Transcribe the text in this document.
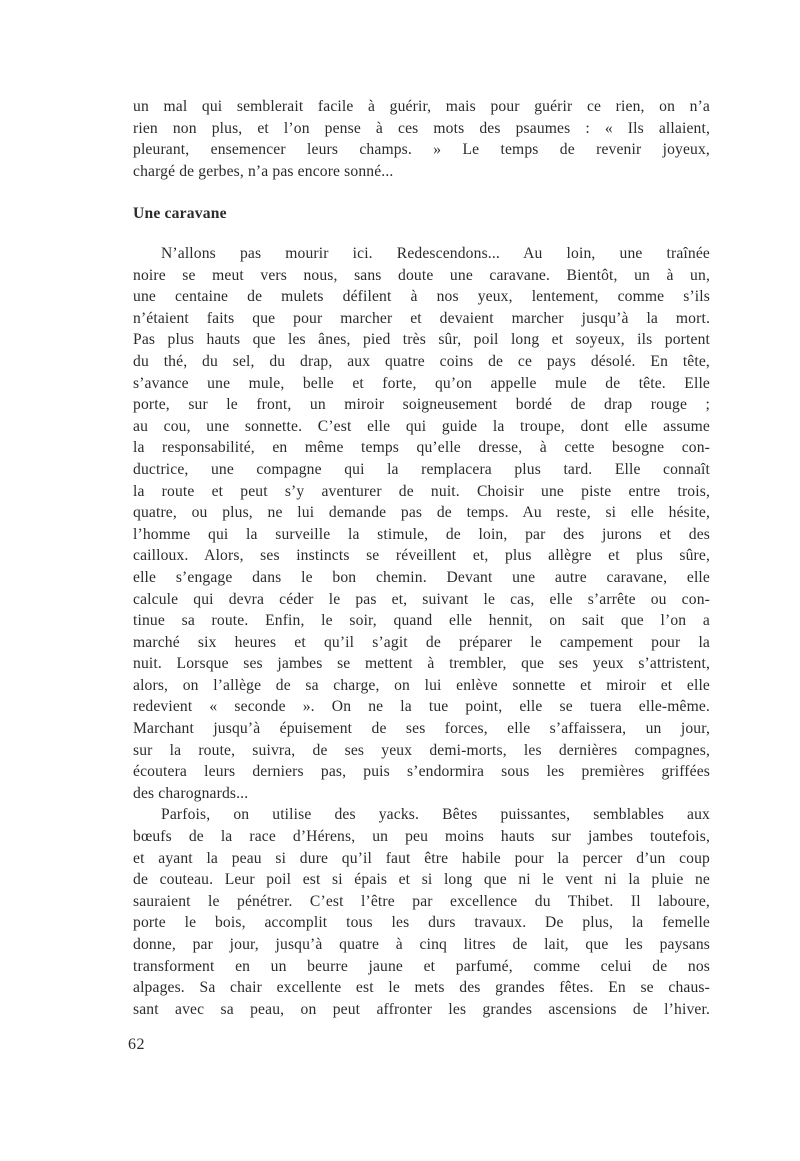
un mal qui semblerait facile à guérir, mais pour guérir ce rien, on n’a
rien non plus, et l’on pense à ces mots des psaumes : « Ils allaient,
pleurant, ensemencer leurs champs. » Le temps de revenir joyeux,
chargé de gerbes, n’a pas encore sonné...
Une caravane
N’allons pas mourir ici. Redescendons... Au loin, une traînée
noire se meut vers nous, sans doute une caravane. Bientôt, un à un,
une centaine de mulets défilent à nos yeux, lentement, comme s’ils
n’étaient faits que pour marcher et devaient marcher jusqu’à la mort.
Pas plus hauts que les ânes, pied très sûr, poil long et soyeux, ils portent
du thé, du sel, du drap, aux quatre coins de ce pays désolé. En tête,
s’avance une mule, belle et forte, qu’on appelle mule de tête. Elle
porte, sur le front, un miroir soigneusement bordé de drap rouge ;
au cou, une sonnette. C’est elle qui guide la troupe, dont elle assume
la responsabilité, en même temps qu’elle dresse, à cette besogne con-
ductrice, une compagne qui la remplacera plus tard. Elle connaît
la route et peut s’y aventurer de nuit. Choisir une piste entre trois,
quatre, ou plus, ne lui demande pas de temps. Au reste, si elle hésite,
l’homme qui la surveille la stimule, de loin, par des jurons et des
cailloux. Alors, ses instincts se réveillent et, plus allègre et plus sûre,
elle s’engage dans le bon chemin. Devant une autre caravane, elle
calcule qui devra céder le pas et, suivant le cas, elle s’arrête ou con-
tinue sa route. Enfin, le soir, quand elle hennit, on sait que l’on a
marché six heures et qu’il s’agit de préparer le campement pour la
nuit. Lorsque ses jambes se mettent à trembler, que ses yeux s’attristent,
alors, on l’allège de sa charge, on lui enlève sonnette et miroir et elle
redevient « seconde ». On ne la tue point, elle se tuera elle-même.
Marchant jusqu’à épuisement de ses forces, elle s’affaissera, un jour,
sur la route, suivra, de ses yeux demi-morts, les dernières compagnes,
écoutera leurs derniers pas, puis s’endormira sous les premières griffées
des charognards...
Parfois, on utilise des yacks. Bêtes puissantes, semblables aux
bœufs de la race d’Hérens, un peu moins hauts sur jambes toutefois,
et ayant la peau si dure qu’il faut être habile pour la percer d’un coup
de couteau. Leur poil est si épais et si long que ni le vent ni la pluie ne
sauraient le pénétrer. C’est l’être par excellence du Thibet. Il laboure,
porte le bois, accomplit tous les durs travaux. De plus, la femelle
donne, par jour, jusqu’à quatre à cinq litres de lait, que les paysans
transforment en un beurre jaune et parfumé, comme celui de nos
alpages. Sa chair excellente est le mets des grandes fêtes. En se chaus-
sant avec sa peau, on peut affronter les grandes ascensions de l’hiver.
62
